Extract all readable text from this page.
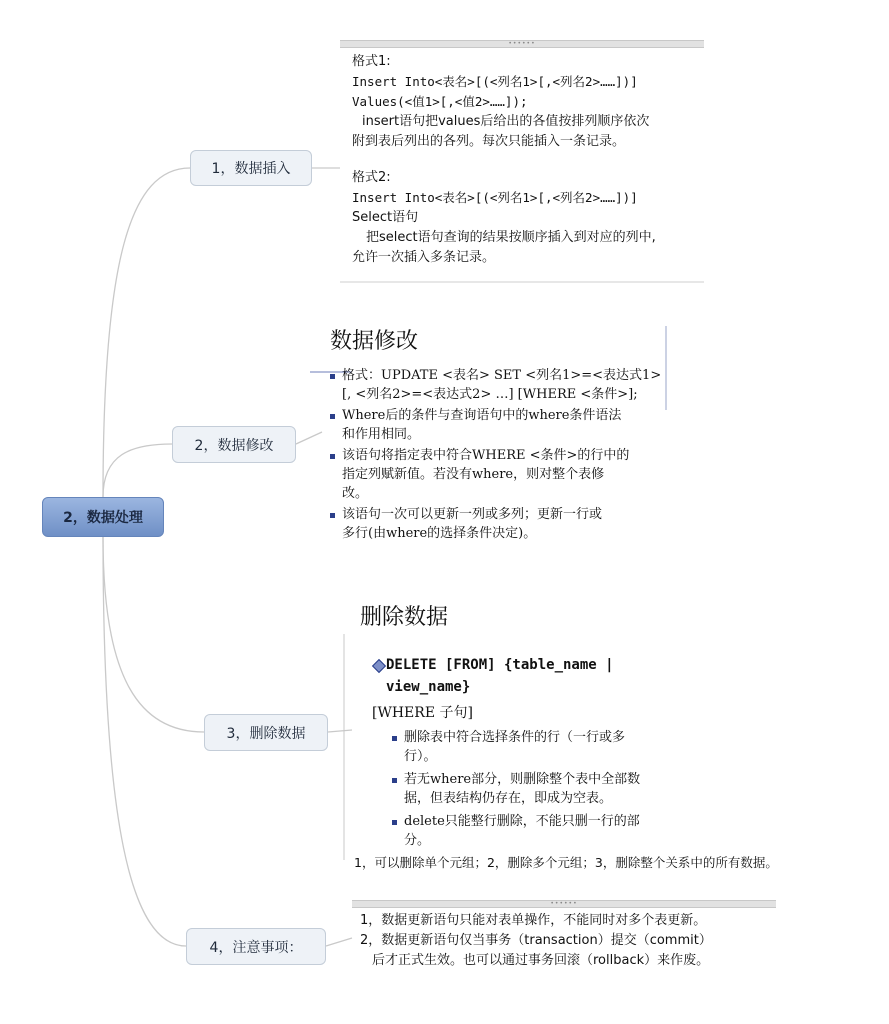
2，数据处理
1，数据插入
2，数据修改
3，删除数据
4，注意事项：
••••••
格式1:
Insert Into<表名>[(<列名1>[,<列名2>……])]
Values(<值1>[,<值2>……]);
insert语句把values后给出的各值按排列顺序依次
附到表后列出的各列。每次只能插入一条记录。
格式2:
Insert Into<表名>[(<列名1>[,<列名2>……])]
Select语句
把select语句查询的结果按顺序插入到对应的列中,
允许一次插入多条记录。
数据修改
格式：UPDATE <表名> SET <列名1>=<表达式1>
[, <列名2>=<表达式2> …] [WHERE <条件>];
Where后的条件与查询语句中的where条件语法
和作用相同。
该语句将指定表中符合WHERE <条件>的行中的
指定列赋新值。若没有where，则对整个表修
改。
该语句一次可以更新一列或多列；更新一行或
多行(由where的选择条件决定)。
删除数据
DELETE [FROM] {table_name |
view_name}
[WHERE 子句]
删除表中符合选择条件的行（一行或多
行）。
若无where部分，则删除整个表中全部数
据，但表结构仍存在，即成为空表。
delete只能整行删除，不能只删一行的部
分。
1，可以删除单个元组；2，删除多个元组；3，删除整个关系中的所有数据。
••••••
1，数据更新语句只能对表单操作，不能同时对多个表更新。
2，数据更新语句仅当事务（transaction）提交（commit）
后才正式生效。也可以通过事务回滚（rollback）来作废。
